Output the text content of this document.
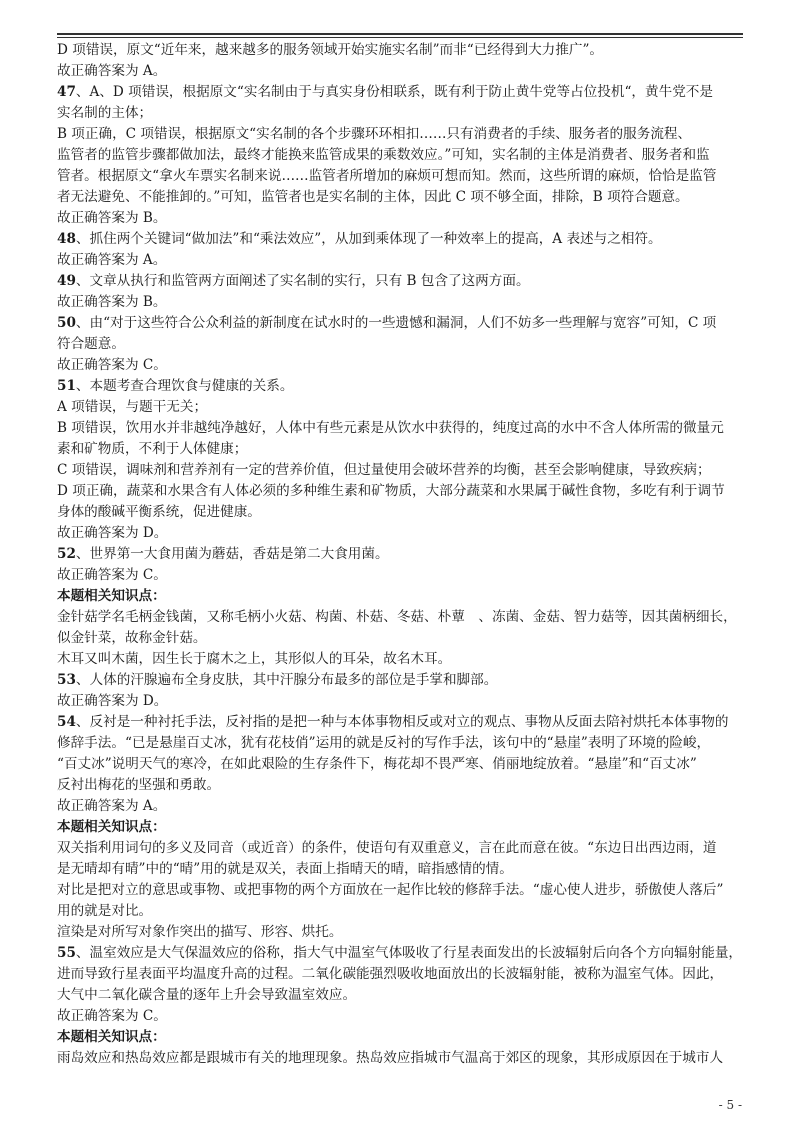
D 项错误，原文“近年来，越来越多的服务领域开始实施实名制”而非“已经得到大力推广”。

故正确答案为 A。

47、A、D 项错误，根据原文“实名制由于与真实身份相联系，既有利于防止黄牛党等占位投机“，黄牛党不是

实名制的主体；

B 项正确，C 项错误，根据原文“实名制的各个步骤环环相扣……只有消费者的手续、服务者的服务流程、

监管者的监管步骤都做加法，最终才能换来监管成果的乘数效应。”可知，实名制的主体是消费者、服务者和监

管者。根据原文“拿火车票实名制来说……监管者所增加的麻烦可想而知。然而，这些所谓的麻烦，恰恰是监管

者无法避免、不能推卸的。”可知，监管者也是实名制的主体，因此 C 项不够全面，排除，B 项符合题意。

故正确答案为 B。

48、抓住两个关键词“做加法”和“乘法效应”，从加到乘体现了一种效率上的提高，A 表述与之相符。

故正确答案为 A。

49、文章从执行和监管两方面阐述了实名制的实行，只有 B 包含了这两方面。

故正确答案为 B。

50、由“对于这些符合公众利益的新制度在试水时的一些遗憾和漏洞，人们不妨多一些理解与宽容”可知，C 项

符合题意。

故正确答案为 C。

51、本题考查合理饮食与健康的关系。

A 项错误，与题干无关；

B 项错误，饮用水并非越纯净越好，人体中有些元素是从饮水中获得的，纯度过高的水中不含人体所需的微量元

素和矿物质，不利于人体健康；

C 项错误，调味剂和营养剂有一定的营养价值，但过量使用会破坏营养的均衡，甚至会影响健康，导致疾病；

D 项正确，蔬菜和水果含有人体必须的多种维生素和矿物质，大部分蔬菜和水果属于碱性食物，多吃有利于调节

身体的酸碱平衡系统，促进健康。

故正确答案为 D。

52、世界第一大食用菌为蘑菇，香菇是第二大食用菌。

故正确答案为 C。

本题相关知识点：

金针菇学名毛柄金钱菌，又称毛柄小火菇、构菌、朴菇、冬菇、朴蕈　、冻菌、金菇、智力菇等，因其菌柄细长，

似金针菜，故称金针菇。

木耳又叫木菌，因生长于腐木之上，其形似人的耳朵，故名木耳。

53、人体的汗腺遍布全身皮肤，其中汗腺分布最多的部位是手掌和脚部。

故正确答案为 D。

54、反衬是一种衬托手法，反衬指的是把一种与本体事物相反或对立的观点、事物从反面去陪衬烘托本体事物的

修辞手法。“已是悬崖百丈冰，犹有花枝俏”运用的就是反衬的写作手法，该句中的“悬崖”表明了环境的险峻，

“百丈冰”说明天气的寒冷，在如此艰险的生存条件下，梅花却不畏严寒、俏丽地绽放着。“悬崖”和“百丈冰”

反衬出梅花的坚强和勇敢。

故正确答案为 A。

本题相关知识点：

双关指利用词句的多义及同音（或近音）的条件，使语句有双重意义，言在此而意在彼。“东边日出西边雨，道

是无晴却有晴”中的“晴”用的就是双关，表面上指晴天的晴，暗指感情的情。

对比是把对立的意思或事物、或把事物的两个方面放在一起作比较的修辞手法。“虚心使人进步，骄傲使人落后”

用的就是对比。

渲染是对所写对象作突出的描写、形容、烘托。

55、温室效应是大气保温效应的俗称，指大气中温室气体吸收了行星表面发出的长波辐射后向各个方向辐射能量，

进而导致行星表面平均温度升高的过程。二氧化碳能强烈吸收地面放出的长波辐射能，被称为温室气体。因此，

大气中二氧化碳含量的逐年上升会导致温室效应。

故正确答案为 C。

本题相关知识点：

雨岛效应和热岛效应都是跟城市有关的地理现象。热岛效应指城市气温高于郊区的现象，其形成原因在于城市人

- 5 -
